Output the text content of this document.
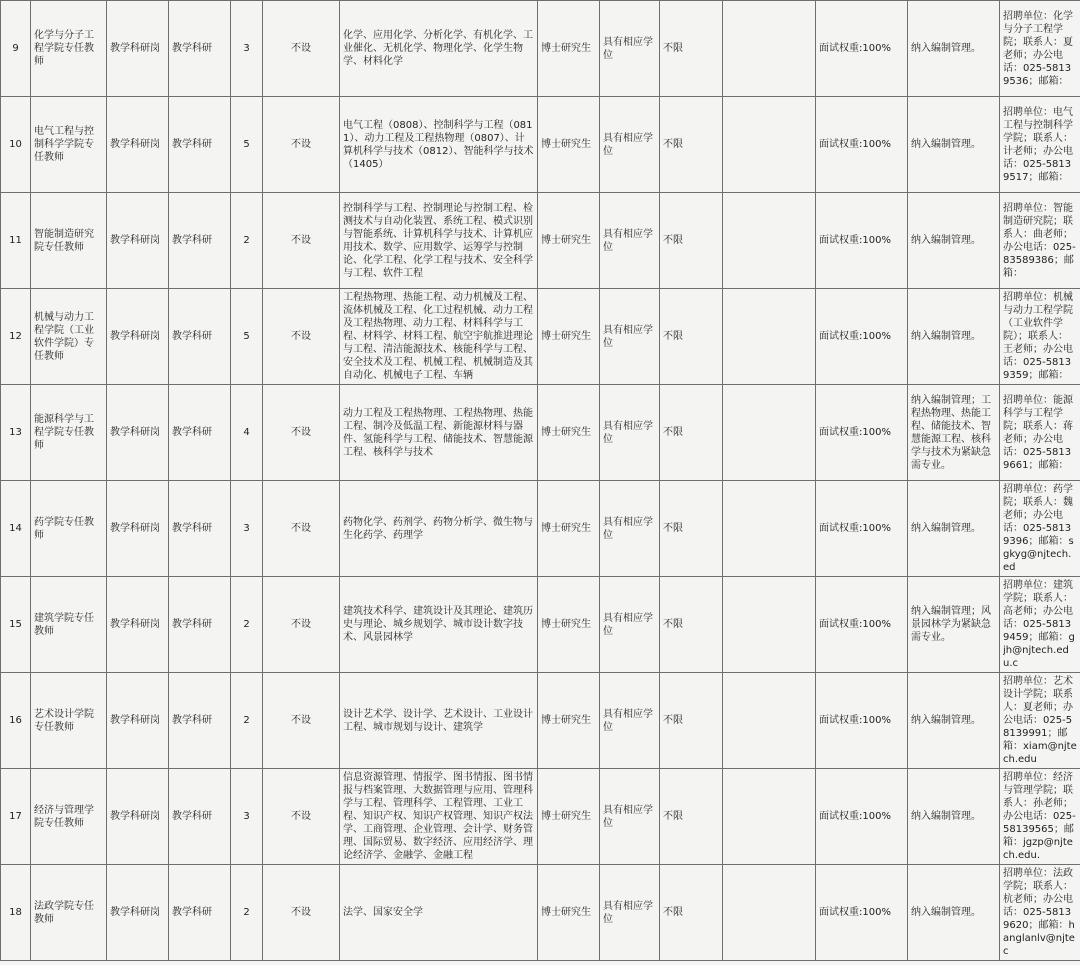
9	化学与分子工程学院专任教师	教学科研岗	教学科研	3	不设	化学、应用化学、分析化学、有机化学、工业催化、无机化学、物理化学、化学生物学、材料化学	博士研究生	具有相应学位	不限		面试权重:100%	纳入编制管理。	招聘单位：化学与分子工程学院；联系人：夏老师；办公电话：025-58139536；邮箱：

10	电气工程与控制科学学院专任教师	教学科研岗	教学科研	5	不设	电气工程（0808）、控制科学与工程（0811）、动力工程及工程热物理（0807）、计算机科学与技术（0812）、智能科学与技术（1405）	博士研究生	具有相应学位	不限		面试权重:100%	纳入编制管理。	招聘单位：电气工程与控制科学学院；联系人：计老师；办公电话：025-58139517；邮箱：

11	智能制造研究院专任教师	教学科研岗	教学科研	2	不设	控制科学与工程、控制理论与控制工程、检测技术与自动化装置、系统工程、模式识别与智能系统、计算机科学与技术、计算机应用技术、数学、应用数学、运筹学与控制论、化学工程、化学工程与技术、安全科学与工程、软件工程	博士研究生	具有相应学位	不限		面试权重:100%	纳入编制管理。	招聘单位：智能制造研究院；联系人：曲老师；办公电话：025-83589386；邮箱：

12	机械与动力工程学院（工业软件学院）专任教师	教学科研岗	教学科研	5	不设	工程热物理、热能工程、动力机械及工程、流体机械及工程、化工过程机械、动力工程及工程热物理、动力工程、材料科学与工程、材料学、材料工程、航空宇航推进理论与工程、清洁能源技术、核能科学与工程、安全技术及工程、机械工程、机械制造及其自动化、机械电子工程、车辆	博士研究生	具有相应学位	不限		面试权重:100%	纳入编制管理。	招聘单位：机械与动力工程学院（工业软件学院）；联系人：王老师；办公电话：025-58139359；邮箱：

13	能源科学与工程学院专任教师	教学科研岗	教学科研	4	不设	动力工程及工程热物理、工程热物理、热能工程、制冷及低温工程、新能源材料与器件、氢能科学与工程、储能技术、智慧能源工程、核科学与技术	博士研究生	具有相应学位	不限		面试权重:100%	纳入编制管理；工程热物理、热能工程、储能技术、智慧能源工程、核科学与技术为紧缺急需专业。	招聘单位：能源科学与工程学院；联系人：蒋老师；办公电话：025-58139661；邮箱：

14	药学院专任教师	教学科研岗	教学科研	3	不设	药物化学、药剂学、药物分析学、微生物与生化药学、药理学	博士研究生	具有相应学位	不限		面试权重:100%	纳入编制管理。	招聘单位：药学院；联系人：魏老师；办公电话：025-58139396；邮箱：sgkyg@njtech.ed

15	建筑学院专任教师	教学科研岗	教学科研	2	不设	建筑技术科学、建筑设计及其理论、建筑历史与理论、城乡规划学、城市设计数字技术、风景园林学	博士研究生	具有相应学位	不限		面试权重:100%	纳入编制管理；风景园林学为紧缺急需专业。	招聘单位：建筑学院；联系人：高老师；办公电话：025-58139459；邮箱：gjh@njtech.edu.c

16	艺术设计学院专任教师	教学科研岗	教学科研	2	不设	设计艺术学、设计学、艺术设计、工业设计工程、城市规划与设计、建筑学	博士研究生	具有相应学位	不限		面试权重:100%	纳入编制管理。	招聘单位：艺术设计学院；联系人：夏老师；办公电话：025-58139991；邮箱：xiam@njtech.edu

17	经济与管理学院专任教师	教学科研岗	教学科研	3	不设	信息资源管理、情报学、图书情报、图书情报与档案管理、大数据管理与应用、管理科学与工程、管理科学、工程管理、工业工程、知识产权、知识产权管理、知识产权法学、工商管理、企业管理、会计学、财务管理、国际贸易、数字经济、应用经济学、理论经济学、金融学、金融工程	博士研究生	具有相应学位	不限		面试权重:100%	纳入编制管理。	招聘单位：经济与管理学院；联系人：孙老师；办公电话：025-58139565；邮箱：jgzp@njtech.edu.

18	法政学院专任教师	教学科研岗	教学科研	2	不设	法学、国家安全学	博士研究生	具有相应学位	不限		面试权重:100%	纳入编制管理。	招聘单位：法政学院；联系人：杭老师；办公电话：025-58139620；邮箱：hanglanlv@njtec
